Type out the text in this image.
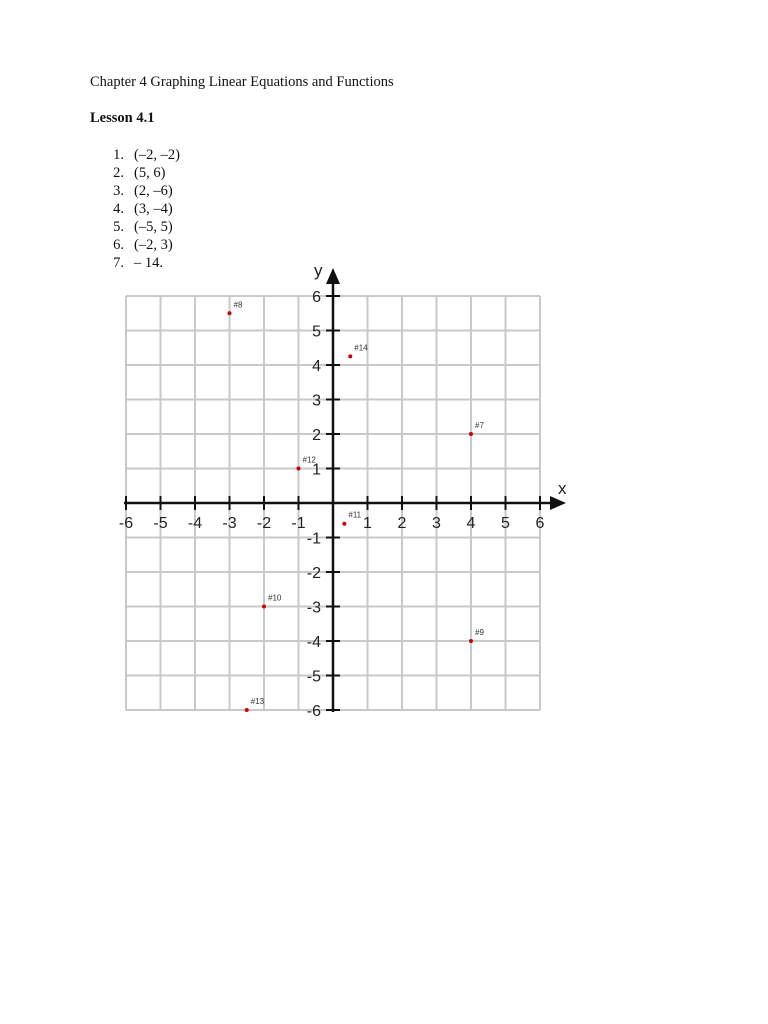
Chapter 4 Graphing Linear Equations and Functions
Lesson 4.1
1. (–2, –2)
2. (5, 6)
3. (2, –6)
4. (3, –4)
5. (–5, 5)
6. (–2, 3)
7. – 14.
x
y
-6 -5 -4 -3 -2 -1	1 2 3 4 5 6
6
5
4
3
2
1
-1
-2
-3
-4
-5
-6
#8
#14
#7
#12
#11
#10
#9
#13
